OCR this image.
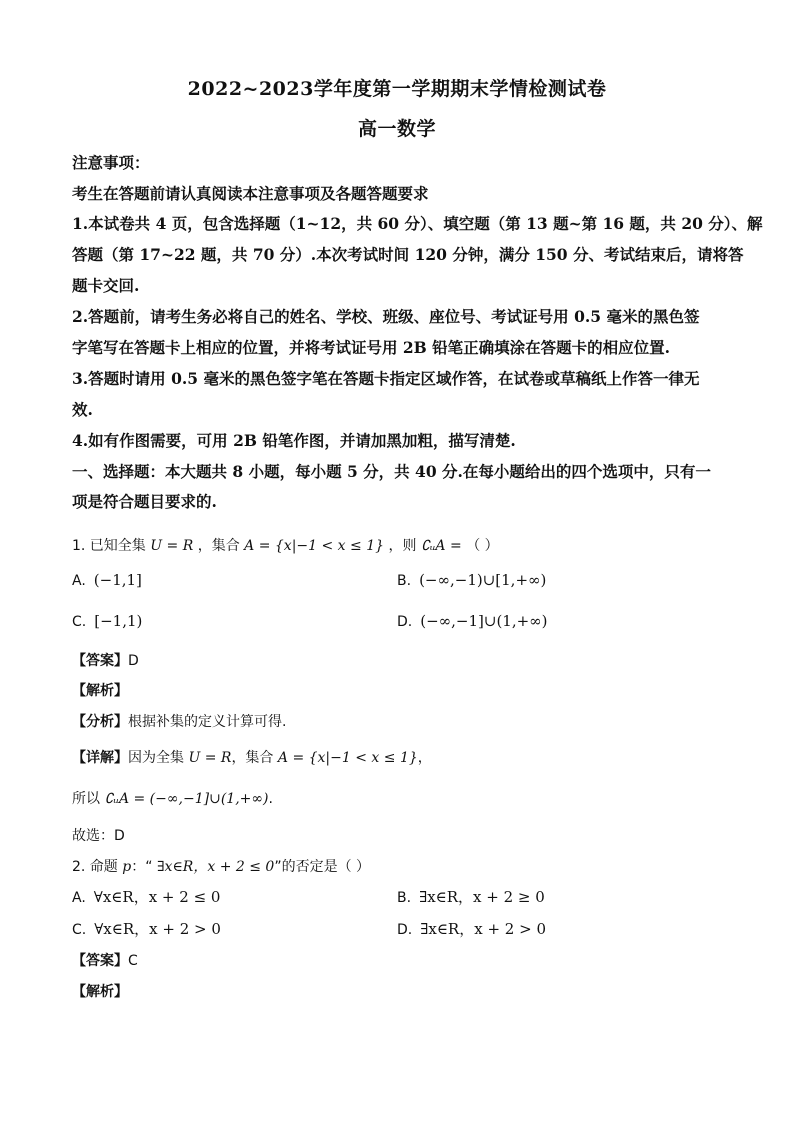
2022~2023学年度第一学期期末学情检测试卷
高一数学
注意事项：
考生在答题前请认真阅读本注意事项及各题答题要求
1.本试卷共 4 页，包含选择题（1~12，共 60 分）、填空题（第 13 题~第 16 题，共 20 分）、解
答题（第 17~22 题，共 70 分）.本次考试时间 120 分钟，满分 150 分、考试结束后，请将答
题卡交回.
2.答题前，请考生务必将自己的姓名、学校、班级、座位号、考试证号用 0.5 毫米的黑色签
字笔写在答题卡上相应的位置，并将考试证号用 2B 铅笔正确填涂在答题卡的相应位置.
3.答题时请用 0.5 毫米的黑色签字笔在答题卡指定区域作答，在试卷或草稿纸上作答一律无
效.
4.如有作图需要，可用 2B 铅笔作图，并请加黑加粗，描写清楚.
一、选择题：本大题共 8 小题，每小题 5 分，共 40 分.在每小题给出的四个选项中，只有一
项是符合题目要求的.
1. 已知全集 U = R ，集合 A = {x|−1 < x ≤ 1} ，则 ∁ᵤA = （ ）
A. (−1,1]	B. (−∞,−1)∪[1,+∞)
C. [−1,1)	D. (−∞,−1]∪(1,+∞)
【答案】D
【解析】
【分析】根据补集的定义计算可得.
【详解】因为全集 U = R，集合 A = {x|−1 < x ≤ 1}，
所以 ∁ᵤA = (−∞,−1]∪(1,+∞).
故选：D
2. 命题 p：“ ∃x∈R，x + 2 ≤ 0”的否定是（ ）
A. ∀x∈R，x + 2 ≤ 0	B. ∃x∈R，x + 2 ≥ 0
C. ∀x∈R，x + 2 > 0	D. ∃x∈R，x + 2 > 0
【答案】C
【解析】
